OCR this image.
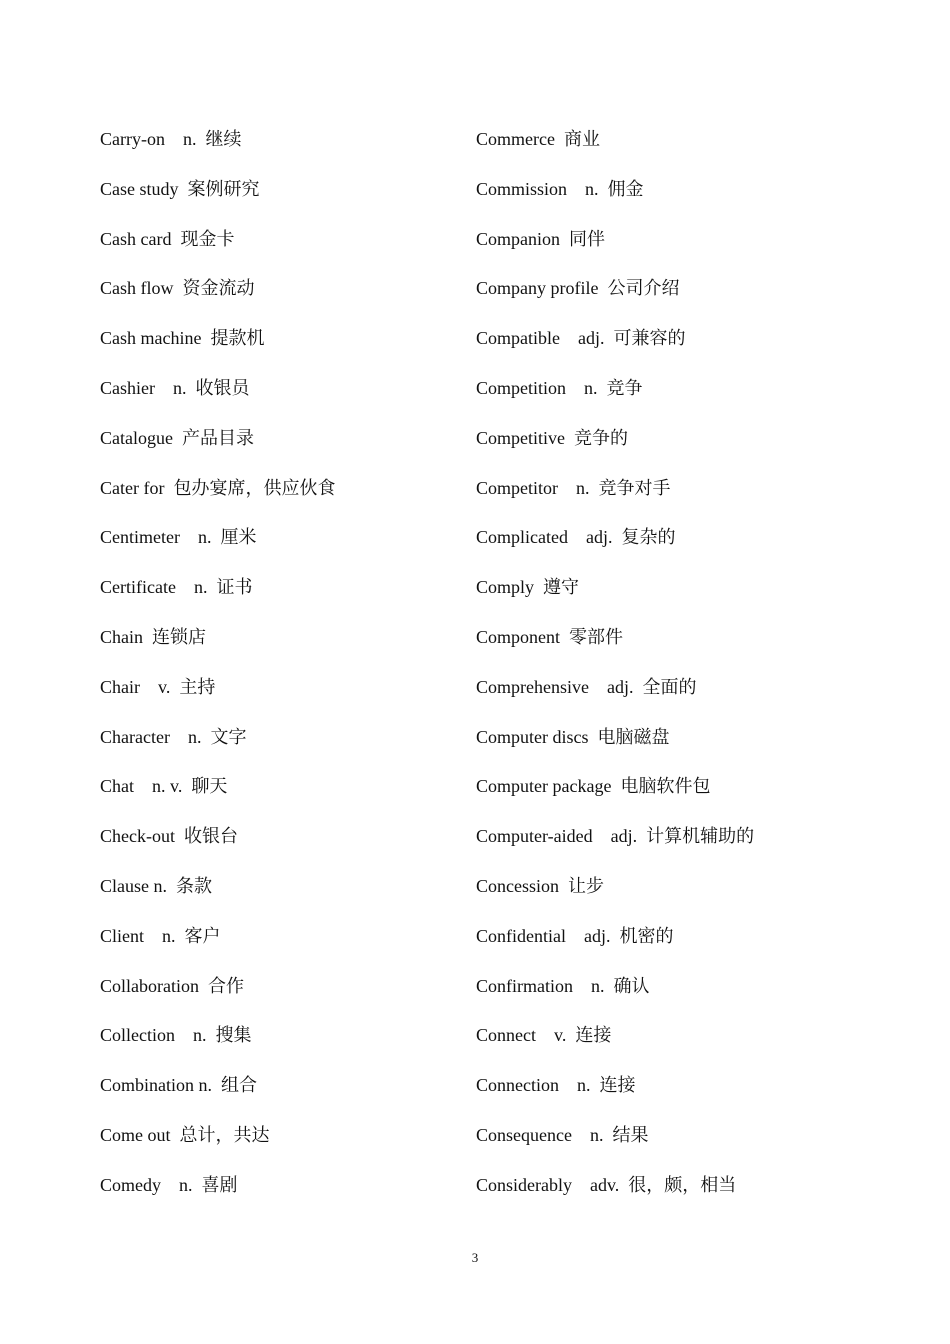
Carry-on    n.  继续
Case study  案例研究
Cash card  现金卡
Cash flow  资金流动
Cash machine  提款机
Cashier    n.  收银员
Catalogue  产品目录
Cater for  包办宴席，供应伙食
Centimeter    n.  厘米
Certificate    n.  证书
Chain  连锁店
Chair    v.  主持
Character    n.  文字
Chat    n. v.  聊天
Check-out  收银台
Clause n.  条款
Client    n.  客户
Collaboration  合作
Collection    n.  搜集
Combination n.  组合
Come out  总计，共达
Comedy    n.  喜剧
Commerce  商业
Commission    n.  佣金
Companion  同伴
Company profile  公司介绍
Compatible    adj.  可兼容的
Competition    n.  竞争
Competitive  竞争的
Competitor    n.  竞争对手
Complicated    adj.  复杂的
Comply  遵守
Component  零部件
Comprehensive    adj.  全面的
Computer discs  电脑磁盘
Computer package  电脑软件包
Computer-aided    adj.  计算机辅助的
Concession  让步
Confidential    adj.  机密的
Confirmation    n.  确认
Connect    v.  连接
Connection    n.  连接
Consequence    n.  结果
Considerably    adv.  很，颇，相当
3
